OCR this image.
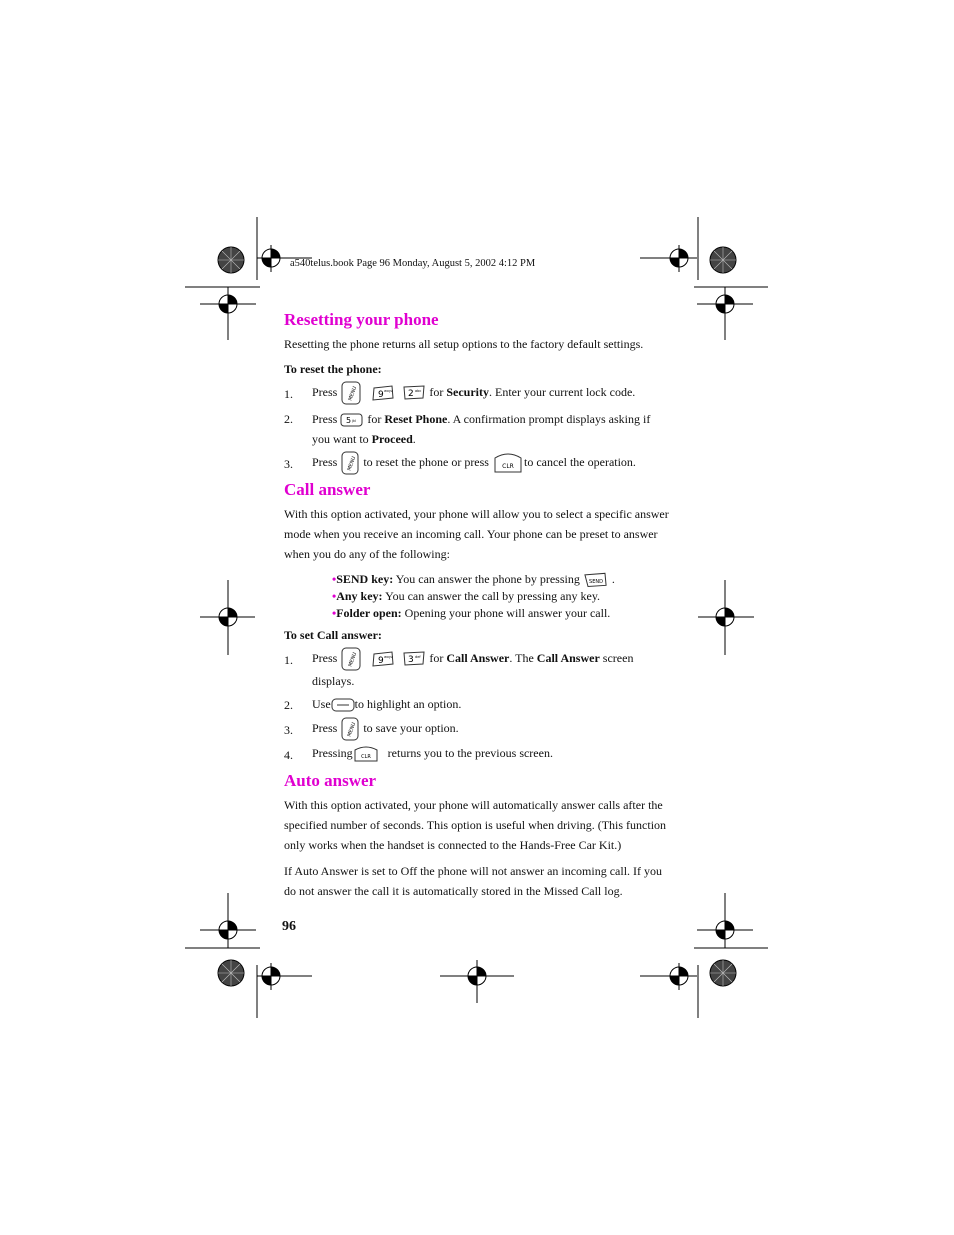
a540telus.book Page 96 Monday, August 5, 2002 4:12 PM
Resetting your phone
Resetting the phone returns all setup options to the factory default settings.
To reset the phone:
1. Press MENU
9 wxyz
2 abc for Security. Enter your current lock code.
2. Press 5 jkl for Reset Phone. A confirmation prompt displays asking if
you want to Proceed.
3. Press MENU to reset the phone or press CLR to cancel the operation.
Call answer
With this option activated, your phone will allow you to select a specific answer
mode when you receive an incoming call. Your phone can be preset to answer
when you do any of the following:
•SEND key: You can answer the phone by pressing SEND .
•Any key: You can answer the call by pressing any key.
•Folder open: Opening your phone will answer your call.
To set Call answer:
1. Press MENU
9 wxyz
3 def for Call Answer. The Call Answer screen
displays.
2. Use to highlight an option.
3. Press MENU to save your option.
4. Pressing CLR returns you to the previous screen.
Auto answer
With this option activated, your phone will automatically answer calls after the
specified number of seconds. This option is useful when driving. (This function
only works when the handset is connected to the Hands-Free Car Kit.)
If Auto Answer is set to Off the phone will not answer an incoming call. If you
do not answer the call it is automatically stored in the Missed Call log.
96
